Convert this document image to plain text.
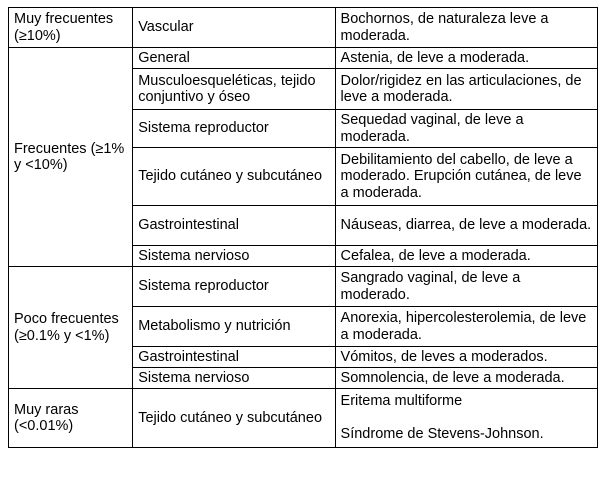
Muy frecuentes (≥10%)	Vascular	Bochornos, de naturaleza leve a moderada.
Frecuentes (≥1% y <10%)	General	Astenia, de leve a moderada.
	Musculoesqueléticas, tejido conjuntivo y óseo	Dolor/rigidez en las articulaciones, de leve a moderada.
	Sistema reproductor	Sequedad vaginal, de leve a moderada.
	Tejido cutáneo y subcutáneo	Debilitamiento del cabello, de leve a moderado. Erupción cutánea, de leve a moderada.
	Gastrointestinal	Náuseas, diarrea, de leve a moderada.
	Sistema nervioso	Cefalea, de leve a moderada.
Poco frecuentes (≥0.1% y <1%)	Sistema reproductor	Sangrado vaginal, de leve a moderado.
	Metabolismo y nutrición	Anorexia, hipercolesterolemia, de leve a moderada.
	Gastrointestinal	Vómitos, de leves a moderados.
	Sistema nervioso	Somnolencia, de leve a moderada.
Muy raras (<0.01%)	Tejido cutáneo y subcutáneo	Eritema multiforme
Síndrome de Stevens-Johnson.
